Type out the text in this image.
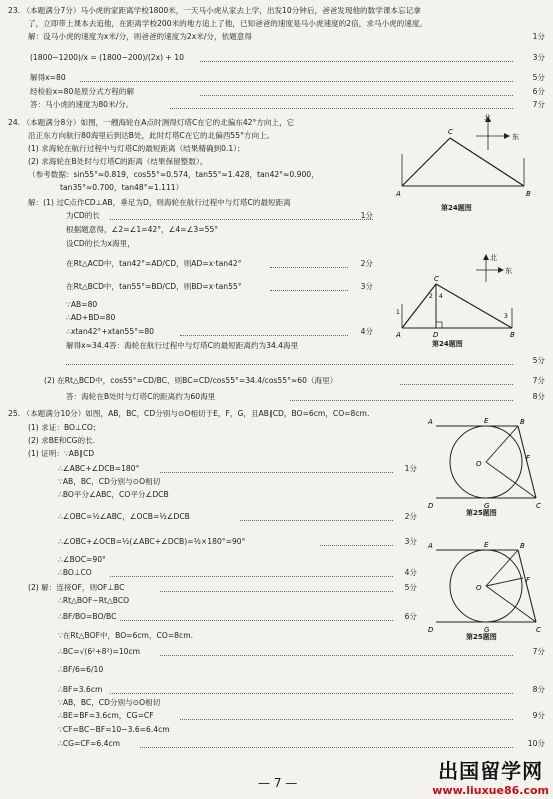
23. （本题满分7分）马小虎的家距离学校1800米，一天马小虎从家去上学，出发10分钟后，爸爸发现他的数学课本忘记拿
了，立即带上课本去追他，在距离学校200米的地方追上了他，已知爸爸的速度是马小虎速度的2倍，求马小虎的速度。
解：设马小虎的速度为x米/分，则爸爸的速度为2x米/分，依题意得	1分
(1800−1200)/x = (1800−200)/(2x) + 10	3分
解得x=80	5分
经检验x=80是原分式方程的解	6分
答：马小虎的速度为80米/分。	7分
24. （本题满分8分）如图，一艘海轮在A点时测得灯塔C在它的北偏东42°方向上，它
沿正东方向航行80海里后到达B处，此时灯塔C在它的北偏西55°方向上。
(1) 求海轮在航行过程中与灯塔C的最短距离（结果精确到0.1）；
(2) 求海轮在B处时与灯塔C的距离（结果保留整数）。
（参考数据：sin55°≈0.819，cos55°≈0.574，tan55°≈1.428，tan42°≈0.900，
tan35°≈0.700，tan48°≈1.111）
解：(1) 过C点作CD⊥AB，垂足为D，则海轮在航行过程中与灯塔C的最短距离
为CD的长	1分
根据题意得，∠2=∠1=42°，∠4=∠3=55°
设CD的长为x海里，
在Rt△ACD中，tan42°=AD/CD，则AD=x·tan42°	2分
在Rt△BCD中，tan55°=BD/CD，则BD=x·tan55°	3分
∵AB=80
∴AD+BD=80
∴xtan42°+xtan55°=80	4分
解得x≈34.4答：海轮在航行过程中与灯塔C的最短距离约为34.4海里
5分
(2) 在Rt△BCD中，cos55°=CD/BC，则BC=CD/cos55°=34.4/cos55°≈60（海里）	7分
答：海轮在B处时与灯塔C的距离约为60海里	8分
北
东
A	B
C
第24题图
北
东
A	B
C
D
1
2
3
4
第24题图
25. （本题满分10分）如图，AB，BC，CD分别与⊙O相切于E，F，G，且AB∥CD，BO=6cm，CO=8cm.
(1) 求证：BO⊥CO；
(2) 求BE和CG的长.
(1) 证明：∵AB∥CD
∴∠ABC+∠DCB=180°	1分
∵AB，BC，CD分别与⊙O相切
∴BO平分∠ABC，CO平分∠DCB
∴∠OBC=½∠ABC，∠OCB=½∠DCB	2分
∴∠OBC+∠OCB=½(∠ABC+∠DCB)=½×180°=90°	3分
∴∠BOC=90°
∴BO⊥CO	4分
(2) 解：连接OF，则OF⊥BC	5分
∴Rt△BOF∽Rt△BCO
∴BF/BO=BO/BC	6分
∵在Rt△BOF中，BO=6cm，CO=8cm.
∴BC=√(6²+8²)=10cm	7分
∴BF/6=6/10
∴BF=3.6cm	8分
∵AB，BC，CD分别与⊙O相切
∴BE=BF=3.6cm，CG=CF	9分
∵CF=BC−BF=10−3.6=6.4cm
∴CG=CF=6.4cm	10分
A	B
C
D
E
F
G
O
第25题图
A	B
C
D
E
F
G
O
第25题图
— 7 —	出国留学网
www.liuxue86.com
